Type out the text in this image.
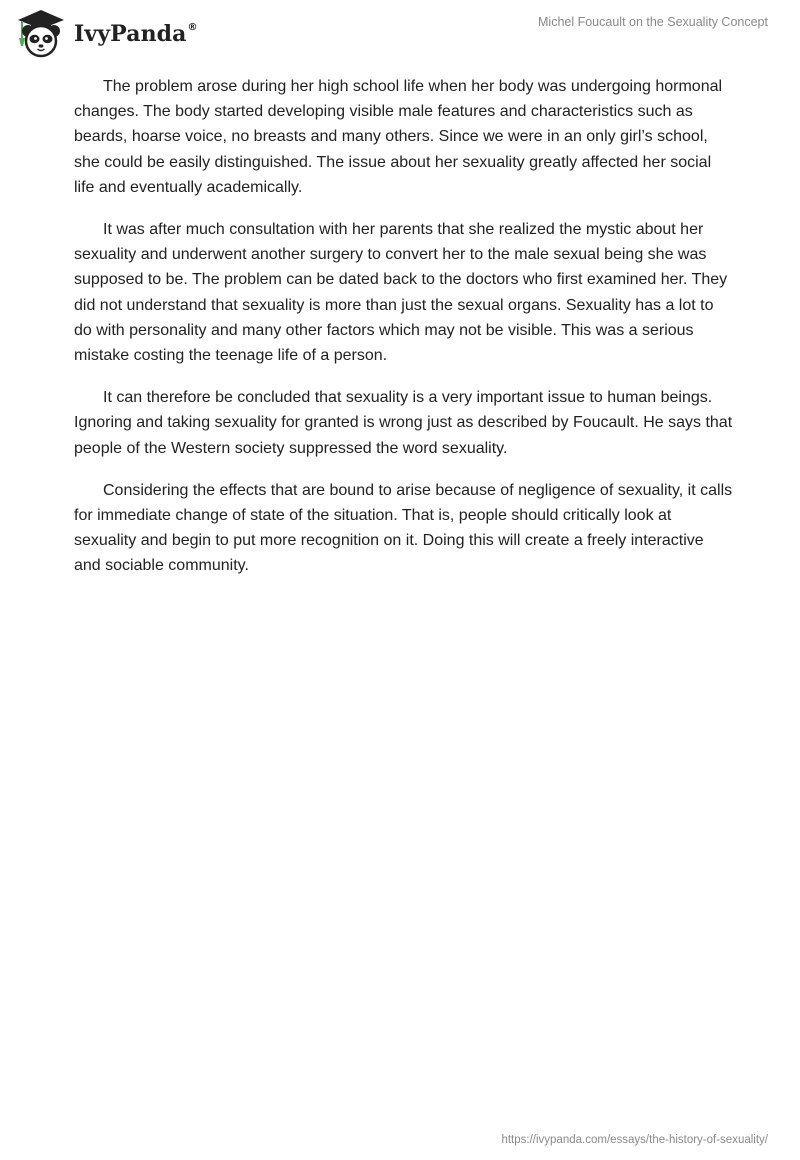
IvyPanda®	Michel Foucault on the Sexuality Concept

The problem arose during her high school life when her body was undergoing hormonal changes. The body started developing visible male features and characteristics such as beards, hoarse voice, no breasts and many others. Since we were in an only girl’s school, she could be easily distinguished. The issue about her sexuality greatly affected her social life and eventually academically.

It was after much consultation with her parents that she realized the mystic about her sexuality and underwent another surgery to convert her to the male sexual being she was supposed to be. The problem can be dated back to the doctors who first examined her. They did not understand that sexuality is more than just the sexual organs. Sexuality has a lot to do with personality and many other factors which may not be visible. This was a serious mistake costing the teenage life of a person.

It can therefore be concluded that sexuality is a very important issue to human beings. Ignoring and taking sexuality for granted is wrong just as described by Foucault. He says that people of the Western society suppressed the word sexuality.

Considering the effects that are bound to arise because of negligence of sexuality, it calls for immediate change of state of the situation. That is, people should critically look at sexuality and begin to put more recognition on it. Doing this will create a freely interactive and sociable community.

https://ivypanda.com/essays/the-history-of-sexuality/
